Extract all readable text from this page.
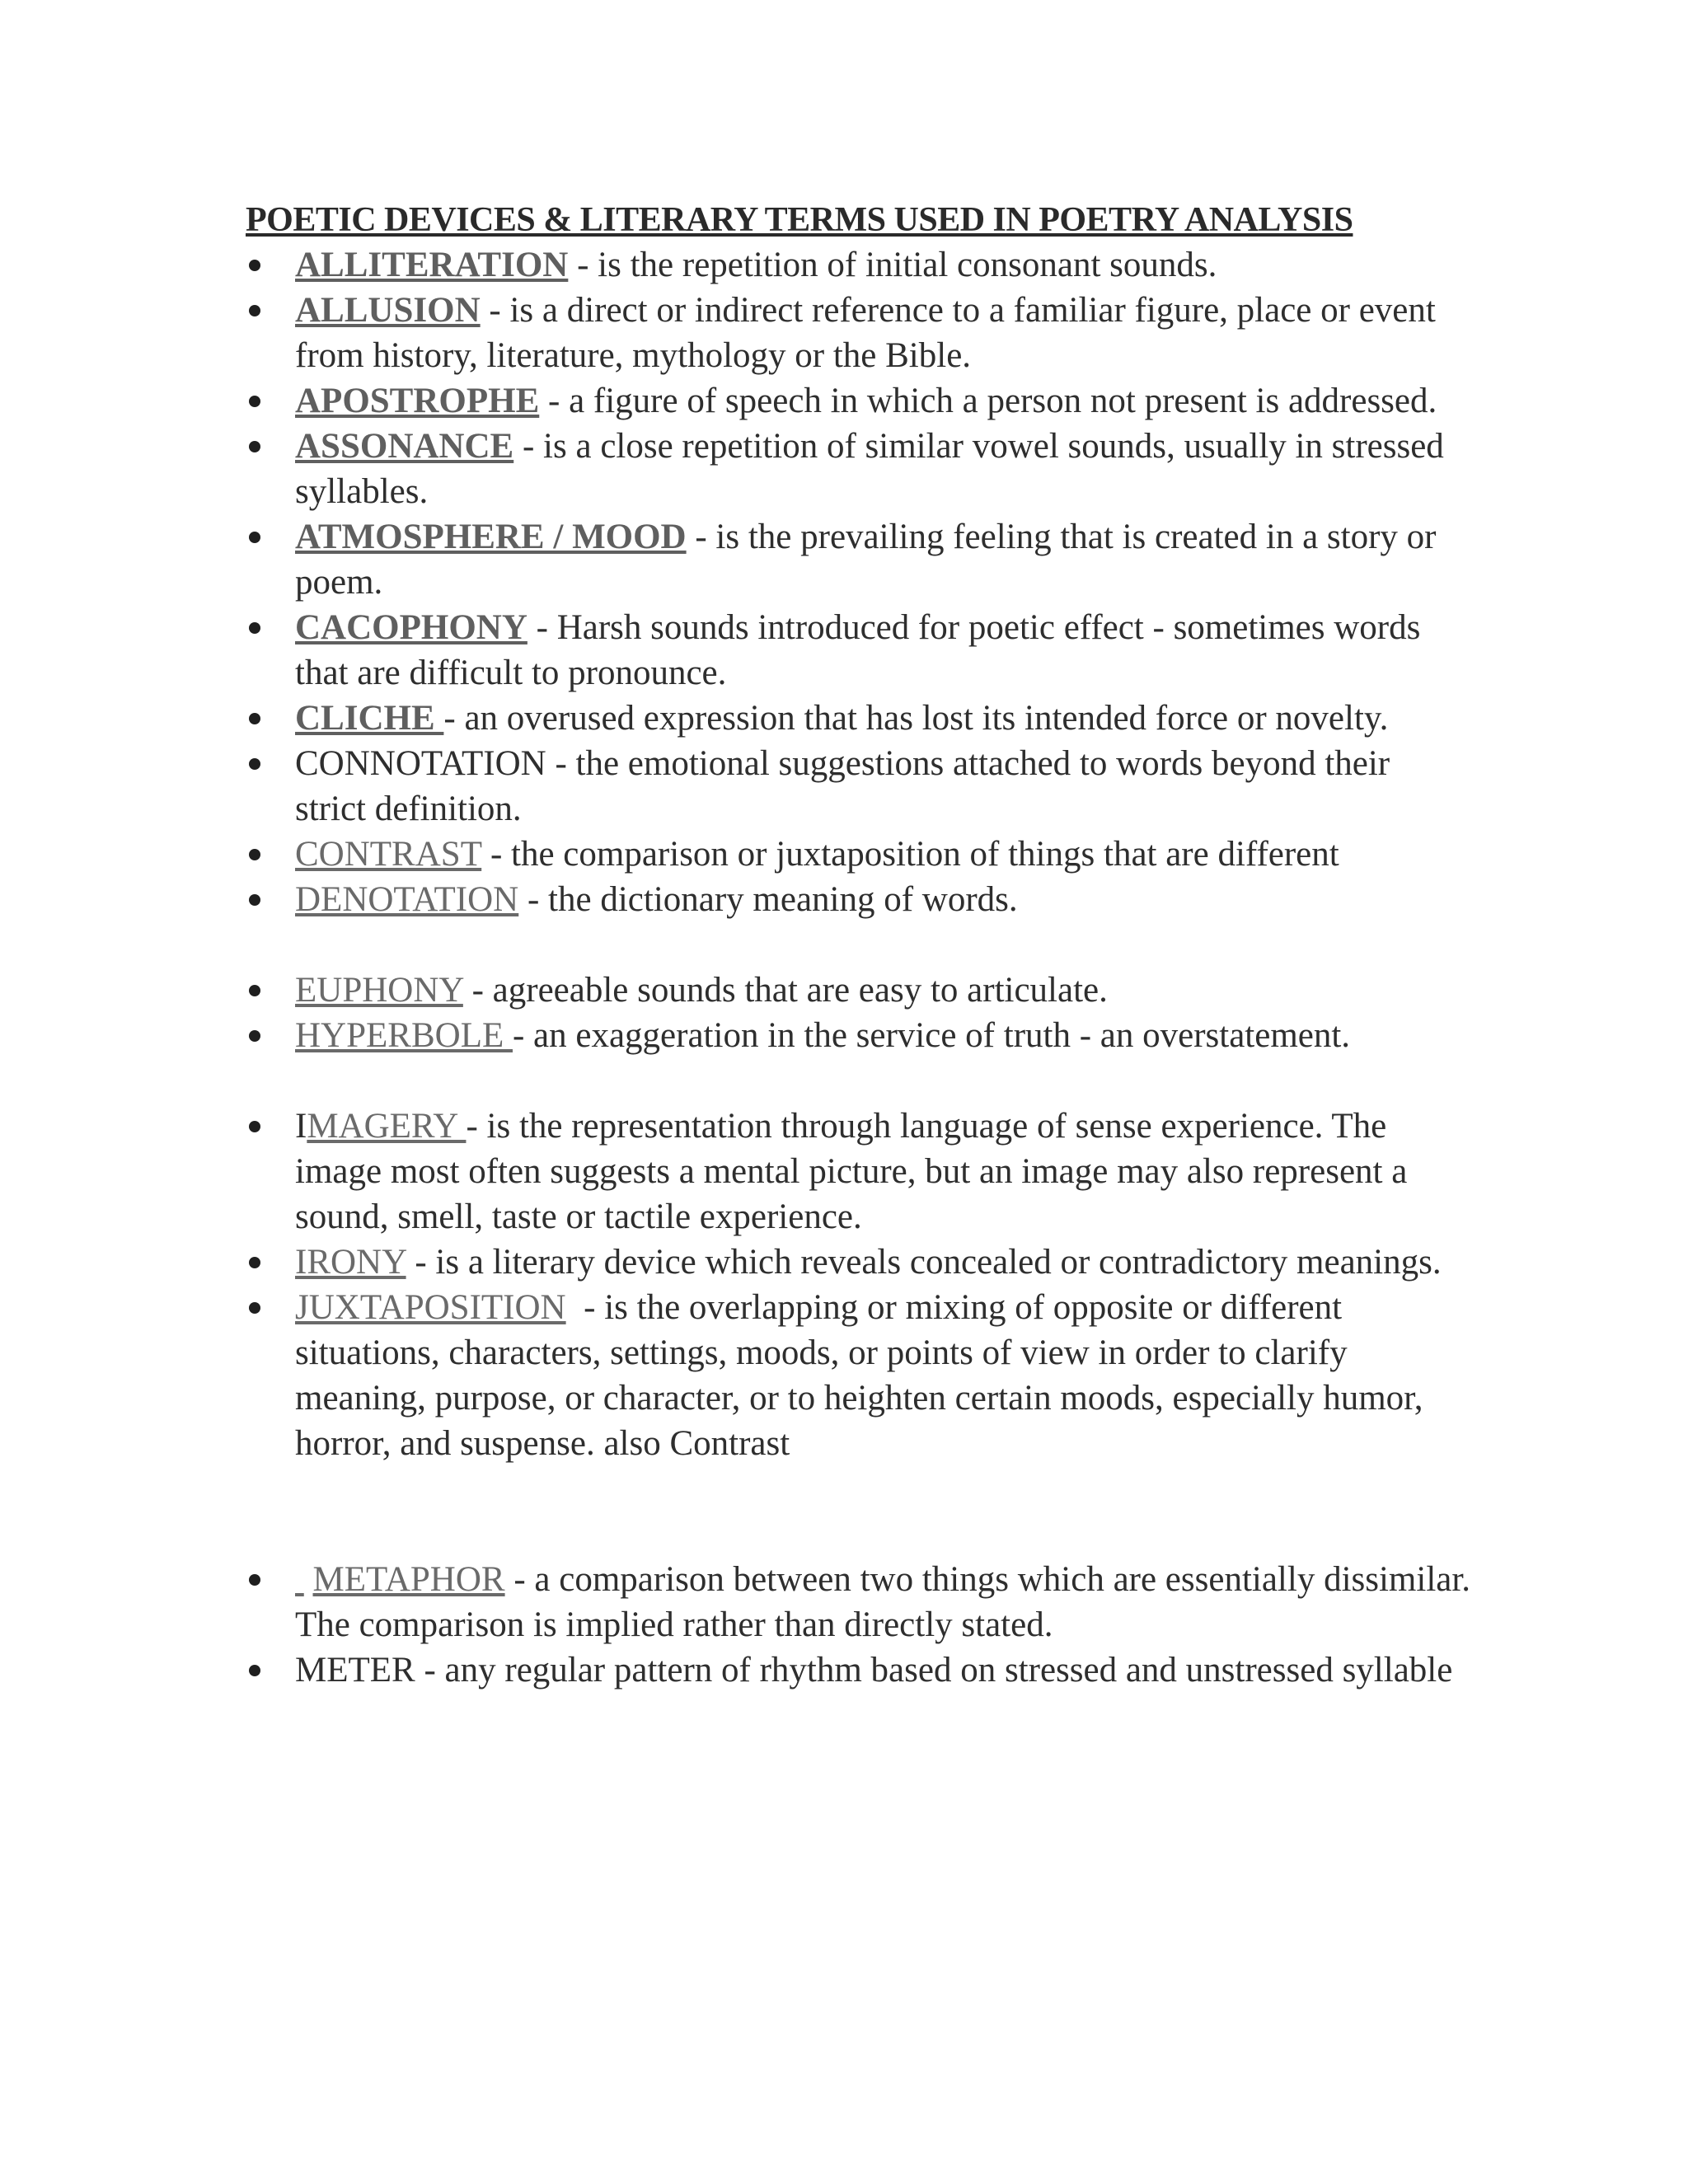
POETIC DEVICES & LITERARY TERMS USED IN POETRY ANALYSIS
ALLITERATION - is the repetition of initial consonant sounds.
ALLUSION - is a direct or indirect reference to a familiar figure, place or event from history, literature, mythology or the Bible.
APOSTROPHE - a figure of speech in which a person not present is addressed.
ASSONANCE - is a close repetition of similar vowel sounds, usually in stressed syllables.
ATMOSPHERE / MOOD - is the prevailing feeling that is created in a story or poem.
CACOPHONY - Harsh sounds introduced for poetic effect - sometimes words that are difficult to pronounce.
CLICHE - an overused expression that has lost its intended force or novelty.
CONNOTATION - the emotional suggestions attached to words beyond their   strict definition.
CONTRAST - the comparison or juxtaposition of things that are different
DENOTATION - the dictionary meaning of words.
EUPHONY - agreeable sounds that are easy to articulate.
HYPERBOLE - an exaggeration in the service of truth - an overstatement.
IMAGERY - is the representation through language of sense experience. The    image most often suggests a mental picture, but an image may also represent a sound, smell, taste or tactile experience.
IRONY - is a literary device which reveals concealed or contradictory meanings.
JUXTAPOSITION  - is the overlapping or mixing of opposite or different situations, characters, settings, moods, or points of view in order to clarify meaning, purpose, or character, or to heighten certain moods, especially humor, horror, and suspense. also Contrast
METAPHOR - a comparison between two things which are essentially dissimilar. The comparison is implied rather than directly stated.
METER - any regular pattern of rhythm based on stressed and unstressed syllable
